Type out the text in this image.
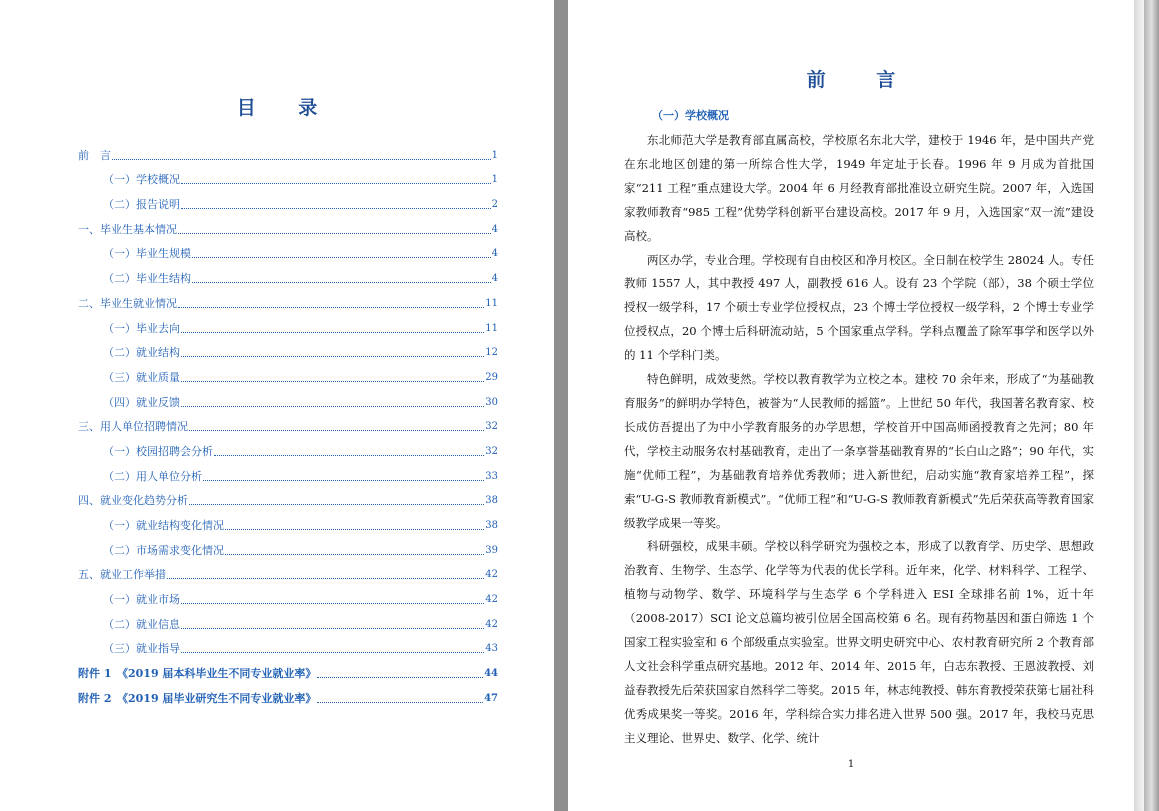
目 录
前　言	1
（一）学校概况	1
（二）报告说明	2
一、毕业生基本情况	4
（一）毕业生规模	4
（二）毕业生结构	4
二、毕业生就业情况	11
（一）毕业去向	11
（二）就业结构	12
（三）就业质量	29
（四）就业反馈	30
三、用人单位招聘情况	32
（一）校园招聘会分析	32
（二）用人单位分析	33
四、就业变化趋势分析	38
（一）就业结构变化情况	38
（二）市场需求变化情况	39
五、就业工作举措	42
（一）就业市场	42
（二）就业信息	42
（三）就业指导	43
附件 1　《2019 届本科毕业生不同专业就业率》	44
附件 2　《2019 届毕业研究生不同专业就业率》	47
前 言
（一）学校概况

东北师范大学是教育部直属高校，学校原名东北大学，建校于 1946 年，是中国共产党在东北地区创建的第一所综合性大学，1949 年定址于长春。1996 年 9 月成为首批国家“211 工程”重点建设大学。2004 年 6 月经教育部批准设立研究生院。2007 年，入选国家教师教育“985 工程”优势学科创新平台建设高校。2017 年 9 月，入选国家“双一流”建设高校。

两区办学，专业合理。学校现有自由校区和净月校区。全日制在校学生 28024 人。专任教师 1557 人，其中教授 497 人，副教授 616 人。设有 23 个学院（部），38 个硕士学位授权一级学科，17 个硕士专业学位授权点，23 个博士学位授权一级学科，2 个博士专业学位授权点，20 个博士后科研流动站，5 个国家重点学科。学科点覆盖了除军事学和医学以外的 11 个学科门类。

特色鲜明，成效斐然。学校以教育教学为立校之本。建校 70 余年来，形成了“为基础教育服务”的鲜明办学特色，被誉为“人民教师的摇篮”。上世纪 50 年代，我国著名教育家、校长成仿吾提出了为中小学教育服务的办学思想，学校首开中国高师函授教育之先河；80 年代，学校主动服务农村基础教育，走出了一条享誉基础教育界的“长白山之路”；90 年代，实施“优师工程”，为基础教育培养优秀教师；进入新世纪，启动实施“教育家培养工程”，探索“U-G-S 教师教育新模式”。“优师工程”和“U-G-S 教师教育新模式”先后荣获高等教育国家级教学成果一等奖。

科研强校，成果丰硕。学校以科学研究为强校之本，形成了以教育学、历史学、思想政治教育、生物学、生态学、化学等为代表的优长学科。近年来，化学、材料科学、工程学、植物与动物学、数学、环境科学与生态学 6 个学科进入 ESI 全球排名前 1%，近十年（2008-2017）SCI 论文总篇均被引位居全国高校第 6 名。现有药物基因和蛋白筛选 1 个国家工程实验室和 6 个部级重点实验室。世界文明史研究中心、农村教育研究所 2 个教育部人文社会科学重点研究基地。2012 年、2014 年、2015 年，白志东教授、王恩波教授、刘益春教授先后荣获国家自然科学二等奖。2015 年，林志纯教授、韩东育教授荣获第七届社科优秀成果奖一等奖。2016 年，学科综合实力排名进入世界 500 强。2017 年，我校马克思主义理论、世界史、数学、化学、统计

1
